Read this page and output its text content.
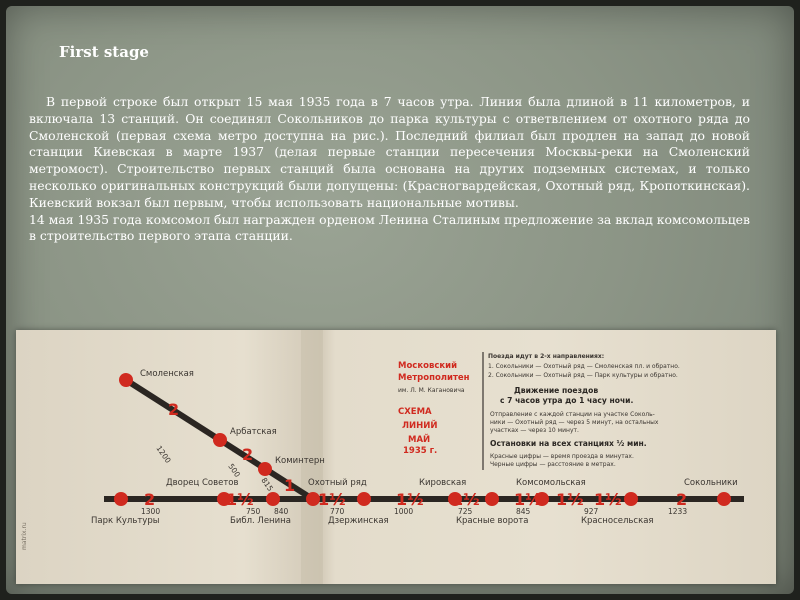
First stage

В первой строке был открыт 15 мая 1935 года в 7 часов утра. Линия была длиной в 11 километров, и включала 13 станций. Он соединял Сокольников до парка культуры с ответвлением от охотного ряда до Смоленской (первая схема метро доступна на рис.). Последний филиал был продлен на запад до новой станции Киевская в марте 1937 (делая первые станции пересечения Москвы-реки на Смоленский метромост). Строительство первых станций была основана на других подземных системах, и только несколько оригинальных конструкций были допущены: (Красногвардейская, Охотный ряд, Кропоткинская). Киевский вокзал был первым, чтобы использовать национальные мотивы.

14 мая 1935 года комсомол был награжден орденом Ленина Сталиным предложение за вклад комсомольцев в строительство первого этапа станции.

Парк Культуры
Дворец Советов
Библ. Ленина
Охотный ряд
Дзержинская
Кировская
Красные ворота
Комсомольская
Красносельская
Сокольники
Смоленская
Арбатская
Коминтерн
2
2
1
2	1½	1½	1½ 1½ 1½ 1½ 1½	2
1200
500
815
1300	750 840	770	1000	725	845	927	1233
Московский
Метрополитен
им. Л. М. Кагановича
СХЕМА
ЛИНИЙ
МАЙ
1935 г.
Поезда идут в 2-х направлениях:
1. Сокольники — Охотный ряд — Смоленская пл. и обратно.
2. Сокольники — Охотный ряд — Парк культуры и обратно.
Движение поездов
с 7 часов утра до 1 часу ночи.
Отправление с каждой станции на участке Соколь-
ники — Охотный ряд — через 5 минут, на остальных
участках — через 10 минут.
Остановки на всех станциях ½ мин.
Красные цифры — время проезда в минутах.
Черные цифры — расстояние в метрах.
matrix.ru
